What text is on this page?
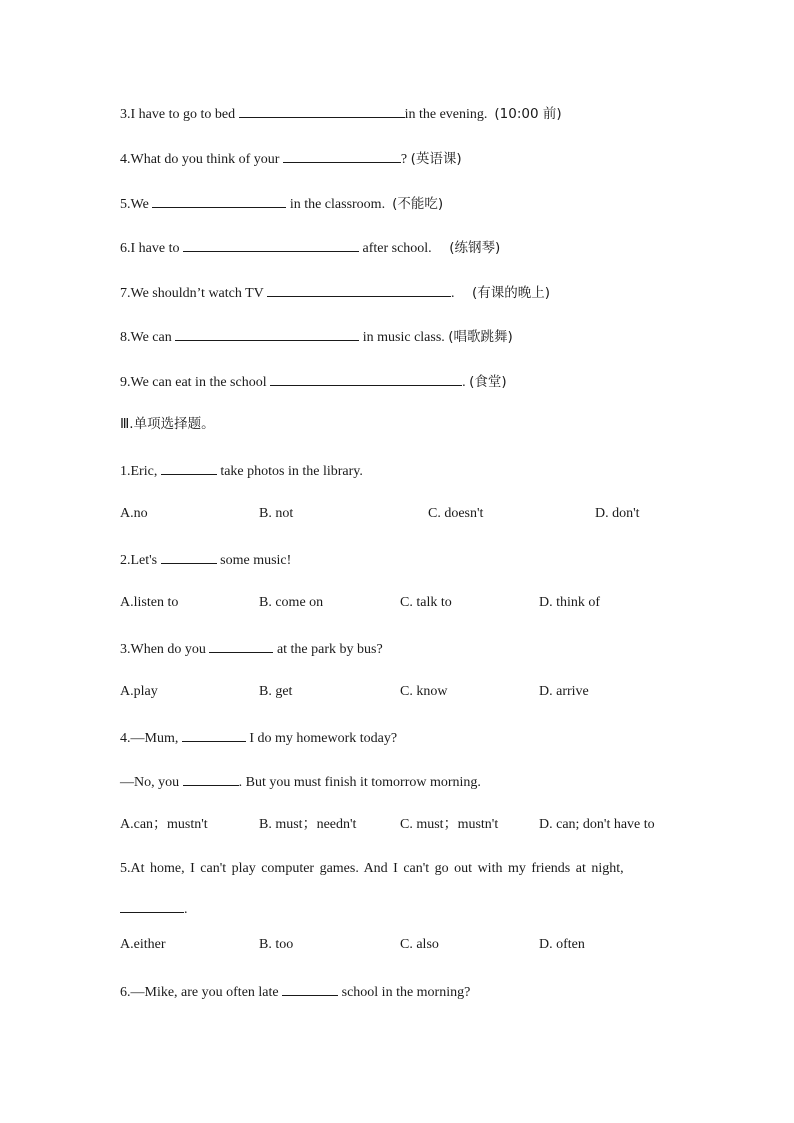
3.I have to go to bed	in the evening. (10:00 前)
4.What do you think of your	? (英语课)
5.We	in the classroom. (不能吃)
6.I have to	after school. (练钢琴)
7.We shouldn’t watch TV	. (有课的晚上)
8.We can	in music class. (唱歌跳舞)
9.We can eat in the school	. (食堂)
Ⅲ.单项选择题。
1.Eric,	take photos in the library.
A.no	B. not	C. doesn't	D. don't
2.Let's	some music!
A.listen to	B. come on	C. talk to	D. think of
3.When do you	at the park by bus?
A.play	B. get	C. know	D. arrive
4.—Mum,	I do my homework today?
—No, you	. But you must finish it tomorrow morning.
A.can；mustn't	B. must；needn't	C. must；mustn't	D. can; don't have to
5.At home, I can't play computer games. And I can't go out with my friends at night,
.
A.either	B. too	C. also	D. often
6.—Mike, are you often late	school in the morning?
